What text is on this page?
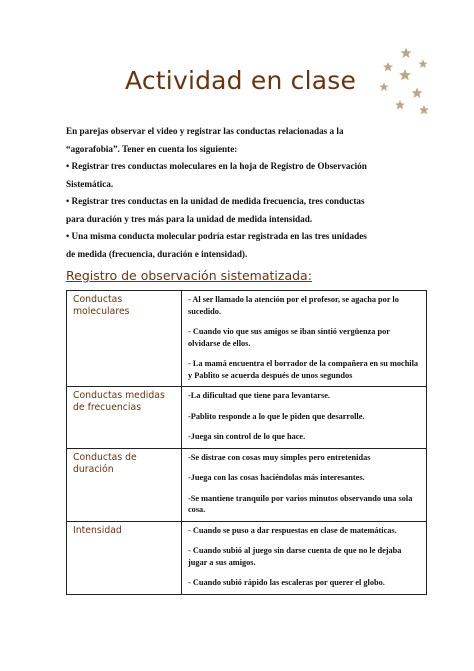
Actividad en clase

En parejas observar el video y registrar las conductas relacionadas a la

“agorafobia”. Tener en cuenta los siguiente:

• Registrar tres conductas moleculares en la hoja de Registro de Observación

Sistemática.

• Registrar tres conductas en la unidad de medida frecuencia, tres conductas

para duración y tres más para la unidad de medida intensidad.

• Una misma conducta molecular podría estar registrada en las tres unidades

de medida (frecuencia, duración e intensidad).

Registro de observación sistematizada:
Conductas moleculares	- Al ser llamado la atención por el profesor, se agacha por lo sucedido.
- Cuando vio que sus amigos se iban sintió vergüenza por olvidarse de ellos.
- La mamá encuentra el borrador de la compañera en su mochila y Pablito se acuerda después de unos segundos

Conductas medidas de frecuencias	-La dificultad que tiene para levantarse.
-Pablito responde a lo que le piden que desarrolle.
-Juega sin control de lo que hace.

Conductas de duración	-Se distrae con cosas muy simples pero entretenidas
-Juega con las cosas haciéndolas más interesantes.
-Se mantiene tranquilo por varios minutos observando una sola cosa.

Intensidad	- Cuando se puso a dar respuestas en clase de matemáticas.
- Cuando subió al juego sin darse cuenta de que no le dejaba jugar a sus amigos.
- Cuando subió rápido las escaleras por querer el globo.
